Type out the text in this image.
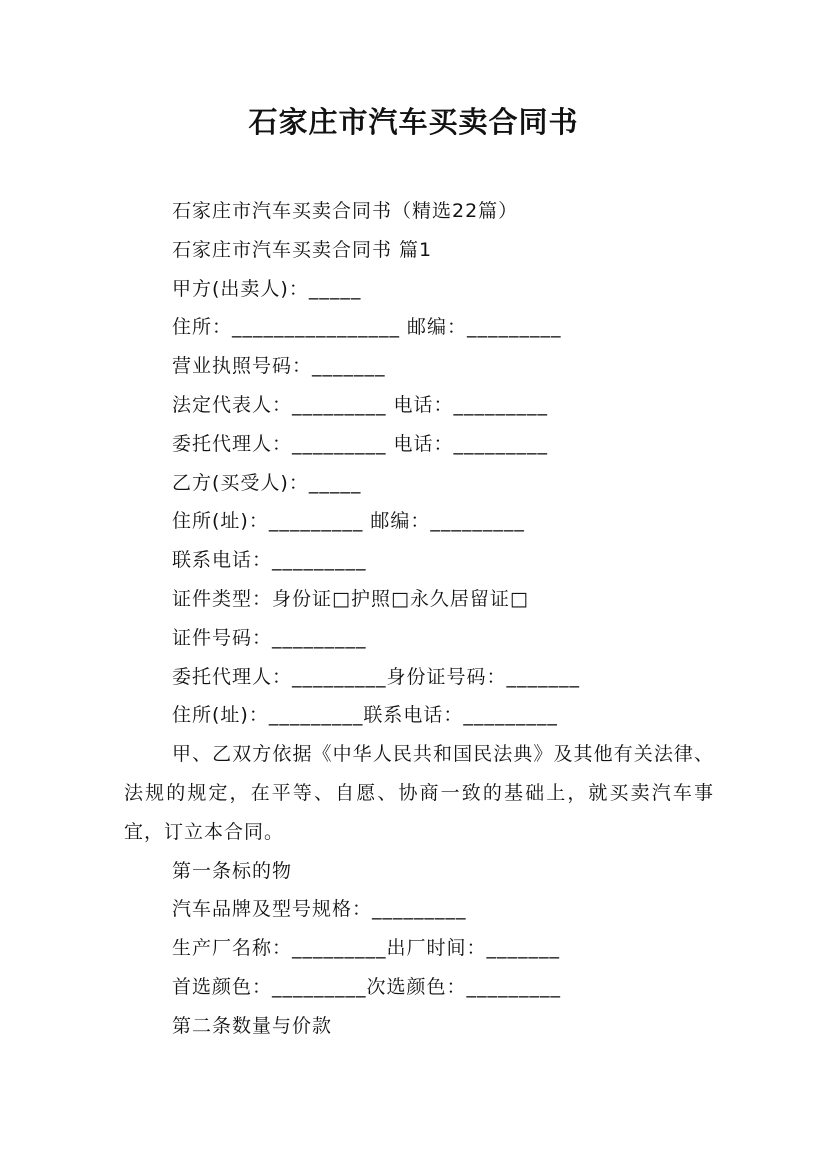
石家庄市汽车买卖合同书

石家庄市汽车买卖合同书（精选22篇）

石家庄市汽车买卖合同书 篇1

甲方(出卖人)：_____

住所：________________ 邮编：_________

营业执照号码：_______

法定代表人：_________ 电话：_________

委托代理人：_________ 电话：_________

乙方(买受人)：_____

住所(址)：_________ 邮编：_________

联系电话：_________

证件类型：身份证□护照□永久居留证□

证件号码：_________

委托代理人：_________身份证号码：_______

住所(址)：_________联系电话：_________

甲、乙双方依据《中华人民共和国民法典》及其他有关法律、法规的规定，在平等、自愿、协商一致的基础上，就买卖汽车事宜，订立本合同。

第一条标的物

汽车品牌及型号规格：_________

生产厂名称：_________出厂时间：_______

首选颜色：_________次选颜色：_________

第二条数量与价款
